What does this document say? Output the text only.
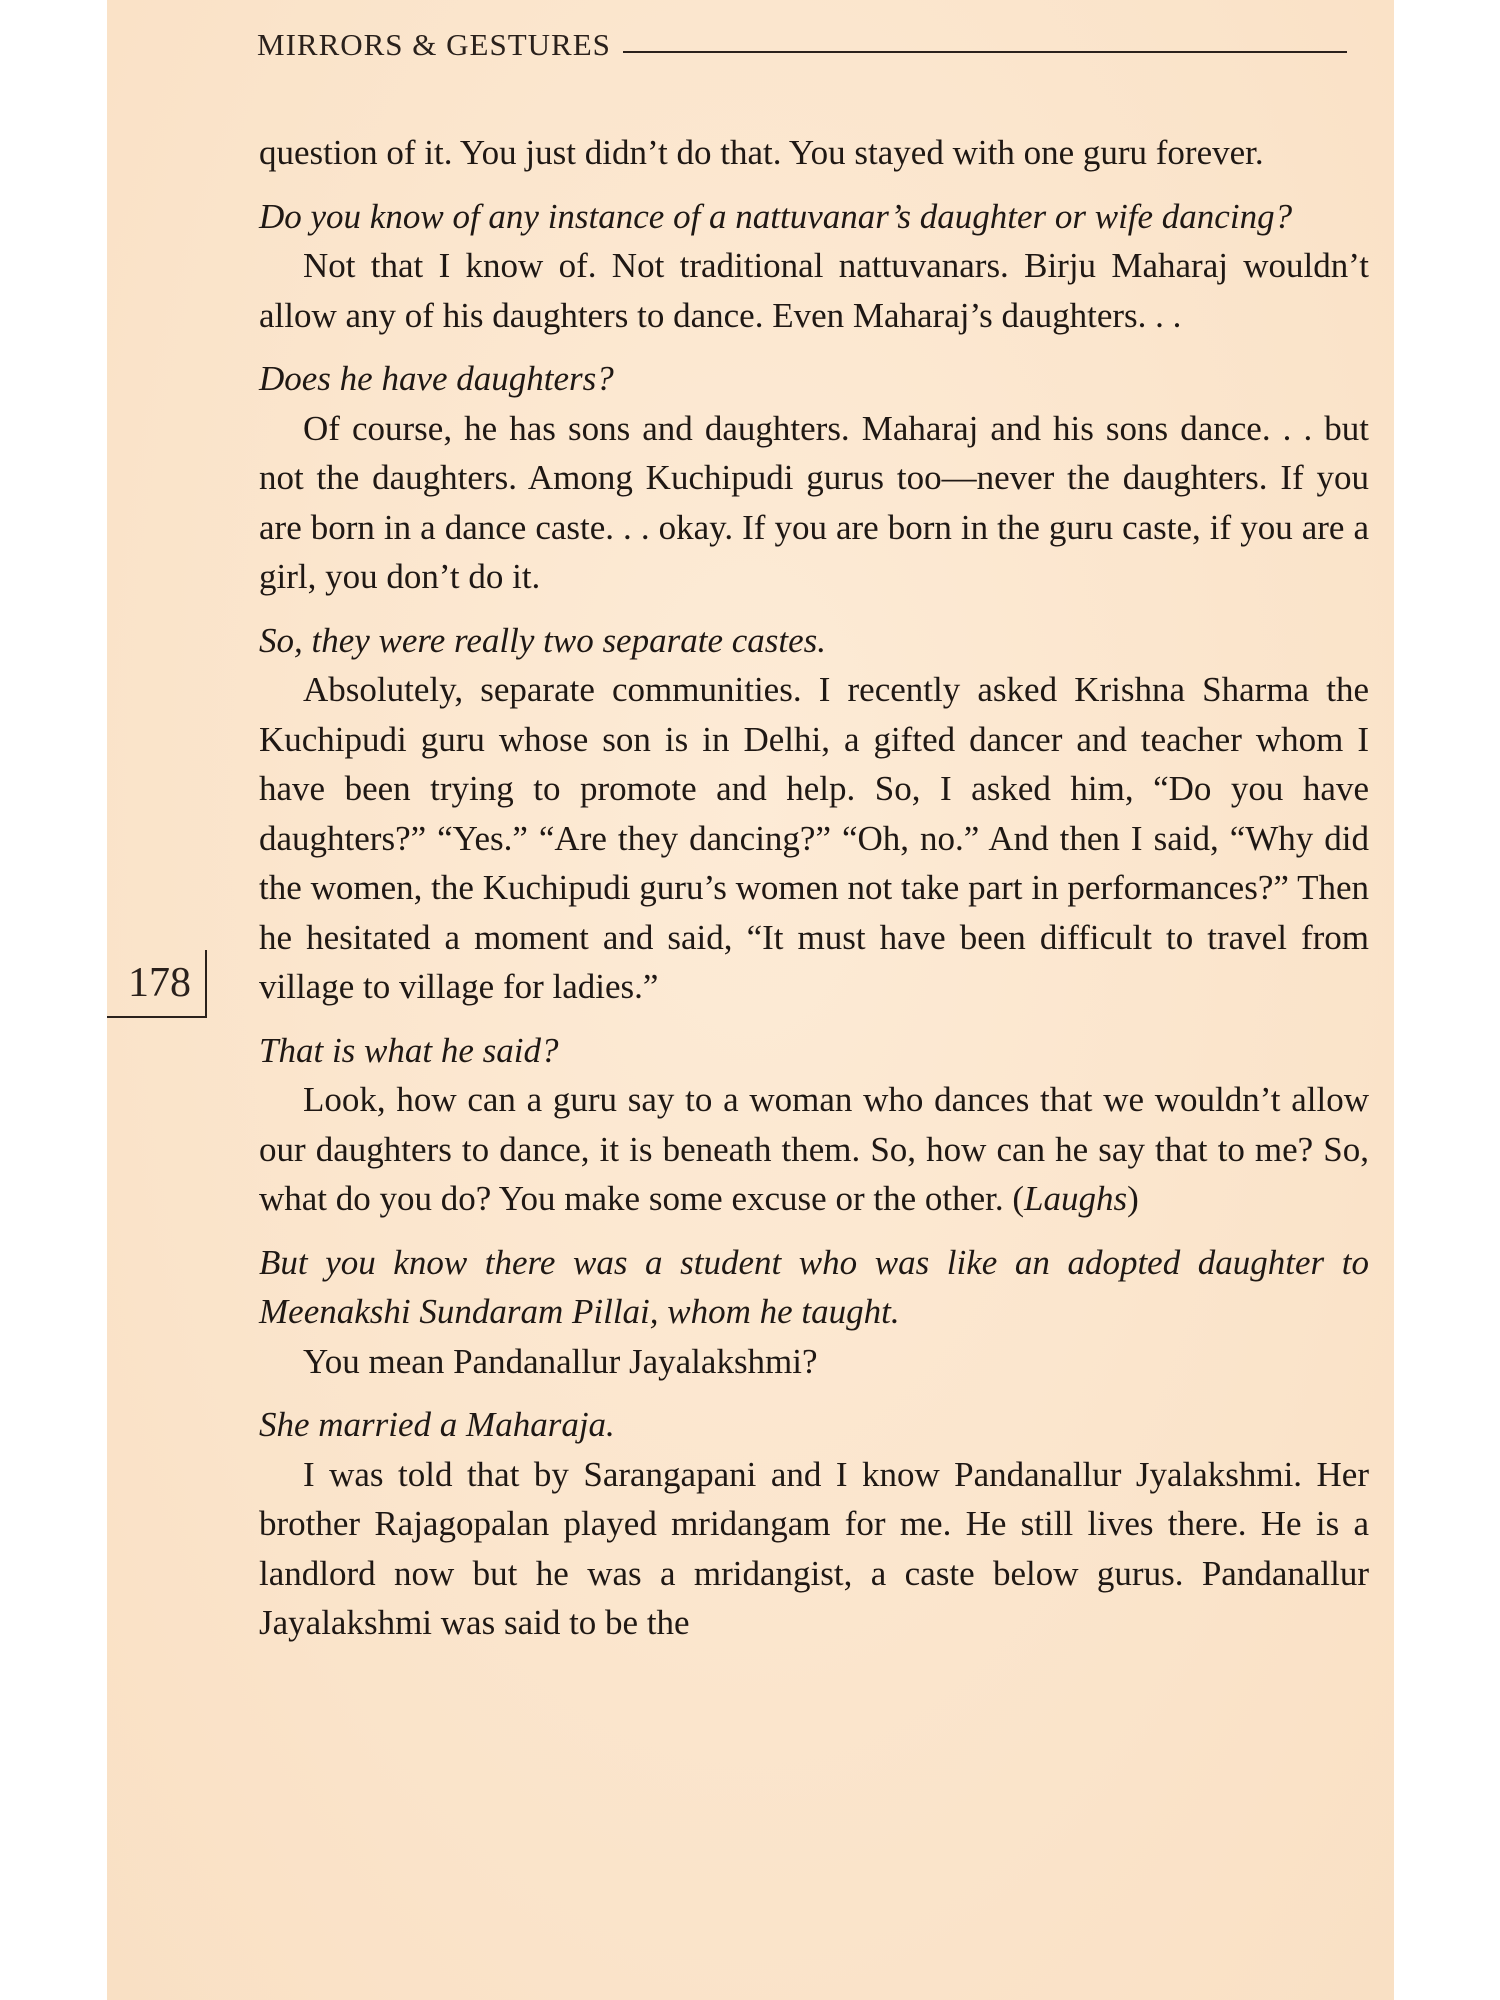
MIRRORS & GESTURES

question of it. You just didn’t do that. You stayed with one guru forever.

Do you know of any instance of a nattuvanar’s daughter or wife dancing?

Not that I know of. Not traditional nattuvanars. Birju Maharaj wouldn’t allow any of his daughters to dance. Even Maharaj’s daughters. . .

Does he have daughters?

Of course, he has sons and daughters. Maharaj and his sons dance. . . but not the daughters. Among Kuchipudi gurus too—never the daughters. If you are born in a dance caste. . . okay. If you are born in the guru caste, if you are a girl, you don’t do it.

So, they were really two separate castes.

Absolutely, separate communities. I recently asked Krishna Sharma the Kuchipudi guru whose son is in Delhi, a gifted dancer and teacher whom I have been trying to promote and help. So, I asked him, “Do you have daughters?” “Yes.” “Are they dancing?” “Oh, no.” And then I said, “Why did the women, the Kuchipudi guru’s women not take part in performances?” Then he hesitated a moment and said, “It must have been difficult to travel from village to village for ladies.”

That is what he said?

Look, how can a guru say to a woman who dances that we wouldn’t allow our daughters to dance, it is beneath them. So, how can he say that to me? So, what do you do? You make some excuse or the other. (Laughs)

But you know there was a student who was like an adopted daughter to Meenakshi Sundaram Pillai, whom he taught.

You mean Pandanallur Jayalakshmi?

She married a Maharaja.

I was told that by Sarangapani and I know Pandanallur Jyalakshmi. Her brother Rajagopalan played mridangam for me. He still lives there. He is a landlord now but he was a mridangist, a caste below gurus. Pandanallur Jayalakshmi was said to be the

178
